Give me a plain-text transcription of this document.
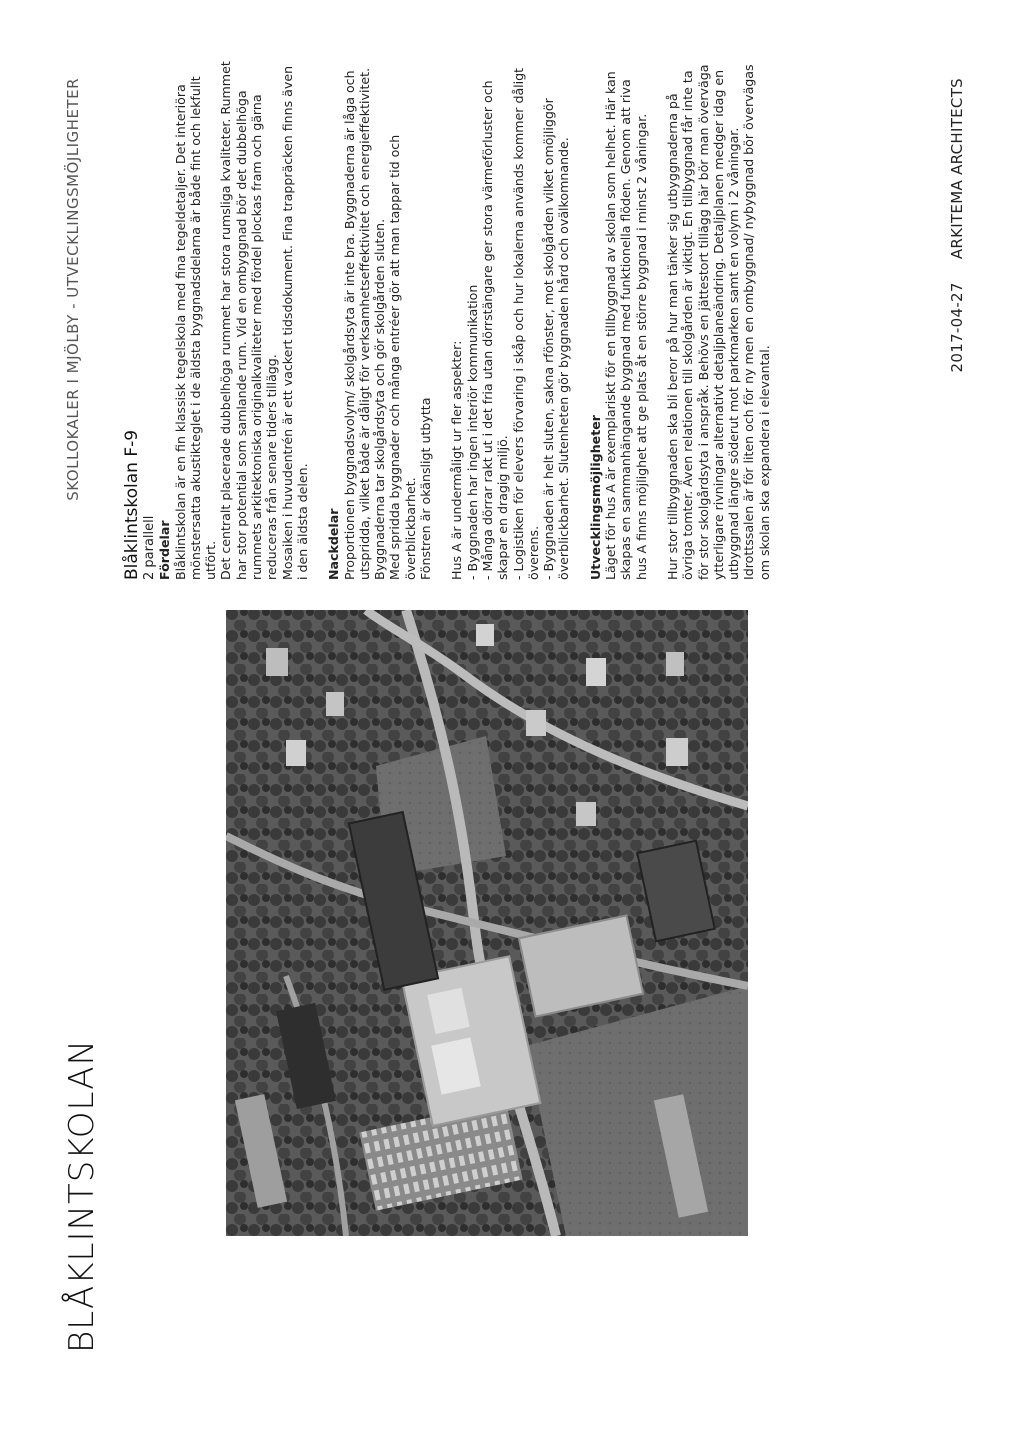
BLÅKLINTSKOLAN
SKOLLOKALER I MJÖLBY - UTVECKLINGSMÖJLIGHETER

Blåklintskolan F-9 2 parallell Fördelar Blåklintskolan är en fin klassisk tegelskola med fina tegeldetaljer. Det interiöra mönstersatta akustikteglet i de äldsta byggnadsdelarna är både fint och lekfullt utfört. Det centralt placerade dubbelhöga rummet har stora rumsliga kvaliteter. Rummet har stor potential som samlande rum. Vid en ombyggnad bör det dubbelhöga rummets arkitektoniska originalkvaliteter med fördel plockas fram och gärna reduceras från senare tiders tillägg. Mosaiken i huvudentrén är ett vackert tidsdokument. Fina trappräcken finns även i den äldsta delen. Nackdelar Proportionen byggnadsvolym/ skolgårdsyta är inte bra. Byggnaderna är låga och utspridda, vilket både är dåligt för verksamhetseffektivitet och energieffektivitet. Byggnaderna tar skolgårdsyta och gör skolgården sluten. Med spridda byggnader och många entréer gör att man tappar tid och överblickbarhet. Fönstren är okänsligt utbytta Hus A är undermåligt ur fler aspekter: - Byggnaden har ingen interiör kommunikation - Många dörrar rakt ut i det fria utan dörrstängare ger stora värmeförluster och skapar en dragig miljö. - Logistiken för elevers förvaring i skåp och hur lokalerna används kommer dåligt överens. - Byggnaden är helt sluten, sakna rfönster, mot skolgården vilket omöjliggör överblickbarhet. Slutenheten gör byggnaden hård och ovälkomnande. Utvecklingsmöjligheter Läget för hus A är exemplariskt för en tillbyggnad av skolan som helhet. Här kan skapas en sammanhängande byggnad med funktionella flöden. Genom att riva hus A finns möjlighet att ge plats åt en större byggnad i minst 2 våningar. Hur stor tillbyggnaden ska bli beror på hur man tänker sig utbyggnaderna på övriga tomter. Även relationen till skolgården är viktigt. En tillbyggnad får inte ta för stor skolgårdsyta i anspråk. Behövs en jättestort tillägg här bör man överväga ytterligare rivningar alternativt detaljplaneändring. Detaljplanen medger idag en utbyggnad längre söderut mot parkmarken samt en volym i 2 våningar. Idrottssalen är för liten och för ny men en ombyggnad/ nybyggnad bör övervägas om skolan ska expandera i elevantal.

2017-04-27 ARKITEMA ARCHITECTS
